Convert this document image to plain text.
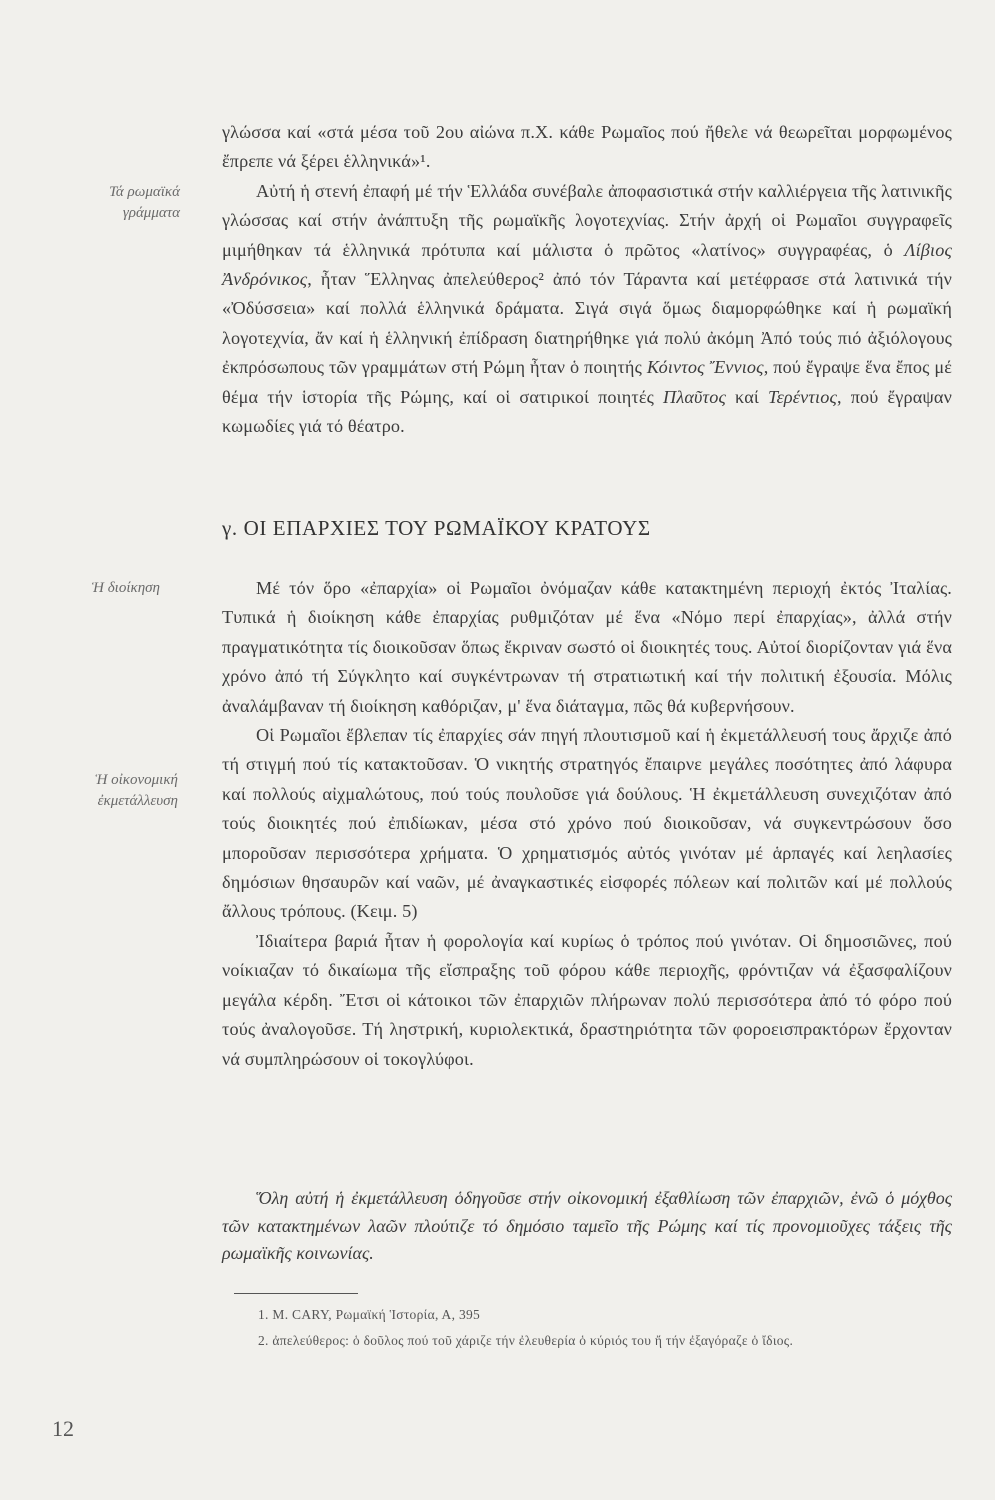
Τά ρωμαϊκά γράμματα
Ἡ διοίκηση
Ἡ οἰκονομική ἐκμετάλλευση

γλώσσα καί «στά μέσα τοῦ 2ου αἰώνα π.Χ. κάθε Ρωμαῖος πού ἤθελε νά θεωρεῖται μορφωμένος ἔπρεπε νά ξέρει ἑλληνικά»¹.

Αὐτή ἡ στενή ἐπαφή μέ τήν Ἑλλάδα συνέβαλε ἀποφασιστικά στήν καλλιέργεια τῆς λατινικῆς γλώσσας καί στήν ἀνάπτυξη τῆς ρωμαϊκῆς λογοτεχνίας. Στήν ἀρχή οἱ Ρωμαῖοι συγγραφεῖς μιμήθηκαν τά ἑλληνικά πρότυπα καί μάλιστα ὁ πρῶτος «λατίνος» συγγραφέας, ὁ Λίβιος Ἀνδρόνικος, ἦταν Ἕλληνας ἀπελεύθερος² ἀπό τόν Τάραντα καί μετέφρασε στά λατινικά τήν «Ὀδύσσεια» καί πολλά ἑλληνικά δράματα. Σιγά σιγά ὅμως διαμορφώθηκε καί ἡ ρωμαϊκή λογοτεχνία, ἄν καί ἡ ἑλληνική ἐπίδραση διατηρήθηκε γιά πολύ ἀκόμη Ἀπό τούς πιό ἀξιόλογους ἐκπρόσωπους τῶν γραμμάτων στή Ρώμη ἦταν ὁ ποιητής Κόιντος Ἔννιος, πού ἔγραψε ἕνα ἔπος μέ θέμα τήν ἱστορία τῆς Ρώμης, καί οἱ σατιρικοί ποιητές Πλαῦτος καί Τερέντιος, πού ἔγραψαν κωμωδίες γιά τό θέατρο.

γ. ΟΙ ΕΠΑΡΧΙΕΣ ΤΟΥ ΡΩΜΑΪΚΟΥ ΚΡΑΤΟΥΣ

Μέ τόν ὅρο «ἐπαρχία» οἱ Ρωμαῖοι ὀνόμαζαν κάθε κατακτημένη περιοχή ἐκτός Ἰταλίας. Τυπικά ἡ διοίκηση κάθε ἐπαρχίας ρυθμιζόταν μέ ἕνα «Νόμο περί ἐπαρχίας», ἀλλά στήν πραγματικότητα τίς διοικοῦσαν ὅπως ἔκριναν σωστό οἱ διοικητές τους. Αὐτοί διορίζονταν γιά ἕνα χρόνο ἀπό τή Σύγκλητο καί συγκέντρωναν τή στρατιωτική καί τήν πολιτική ἐξουσία. Μόλις ἀναλάμβαναν τή διοίκηση καθόριζαν, μ' ἕνα διάταγμα, πῶς θά κυβερνήσουν.

Οἱ Ρωμαῖοι ἔβλεπαν τίς ἐπαρχίες σάν πηγή πλουτισμοῦ καί ἡ ἐκμετάλλευσή τους ἄρχιζε ἀπό τή στιγμή πού τίς κατακτοῦσαν. Ὁ νικητής στρατηγός ἔπαιρνε μεγάλες ποσότητες ἀπό λάφυρα καί πολλούς αἰχμαλώτους, πού τούς πουλοῦσε γιά δούλους. Ἡ ἐκμετάλλευση συνεχιζόταν ἀπό τούς διοικητές πού ἐπιδίωκαν, μέσα στό χρόνο πού διοικοῦσαν, νά συγκεντρώσουν ὅσο μποροῦσαν περισσότερα χρήματα. Ὁ χρηματισμός αὐτός γινόταν μέ ἁρπαγές καί λεηλασίες δημόσιων θησαυρῶν καί ναῶν, μέ ἀναγκαστικές εἰσφορές πόλεων καί πολιτῶν καί μέ πολλούς ἄλλους τρόπους. (Κειμ. 5)

Ἰδιαίτερα βαριά ἦταν ἡ φορολογία καί κυρίως ὁ τρόπος πού γινόταν. Οἱ δημοσιῶνες, πού νοίκιαζαν τό δικαίωμα τῆς εἴσπραξης τοῦ φόρου κάθε περιοχῆς, φρόντιζαν νά ἐξασφαλίζουν μεγάλα κέρδη. Ἔτσι οἱ κάτοικοι τῶν ἐπαρχιῶν πλήρωναν πολύ περισσότερα ἀπό τό φόρο πού τούς ἀναλογοῦσε. Τή ληστρική, κυριολεκτικά, δραστηριότητα τῶν φοροεισπρακτόρων ἔρχονταν νά συμπληρώσουν οἱ τοκογλύφοι.

Ὅλη αὐτή ἡ ἐκμετάλλευση ὁδηγοῦσε στήν οἰκονομική ἐξαθλίωση τῶν ἐπαρχιῶν, ἐνῶ ὁ μόχθος τῶν κατακτημένων λαῶν πλούτιζε τό δημόσιο ταμεῖο τῆς Ρώμης καί τίς προνομιοῦχες τάξεις τῆς ρωμαϊκῆς κοινωνίας.
1. M. CARY, Ρωμαϊκή Ἱστορία, Α, 395
2. ἀπελεύθερος: ὁ δοῦλος πού τοῦ χάριζε τήν ἐλευθερία ὁ κύριός του ἤ τήν ἐξαγόραζε ὁ ἴδιος.
12
